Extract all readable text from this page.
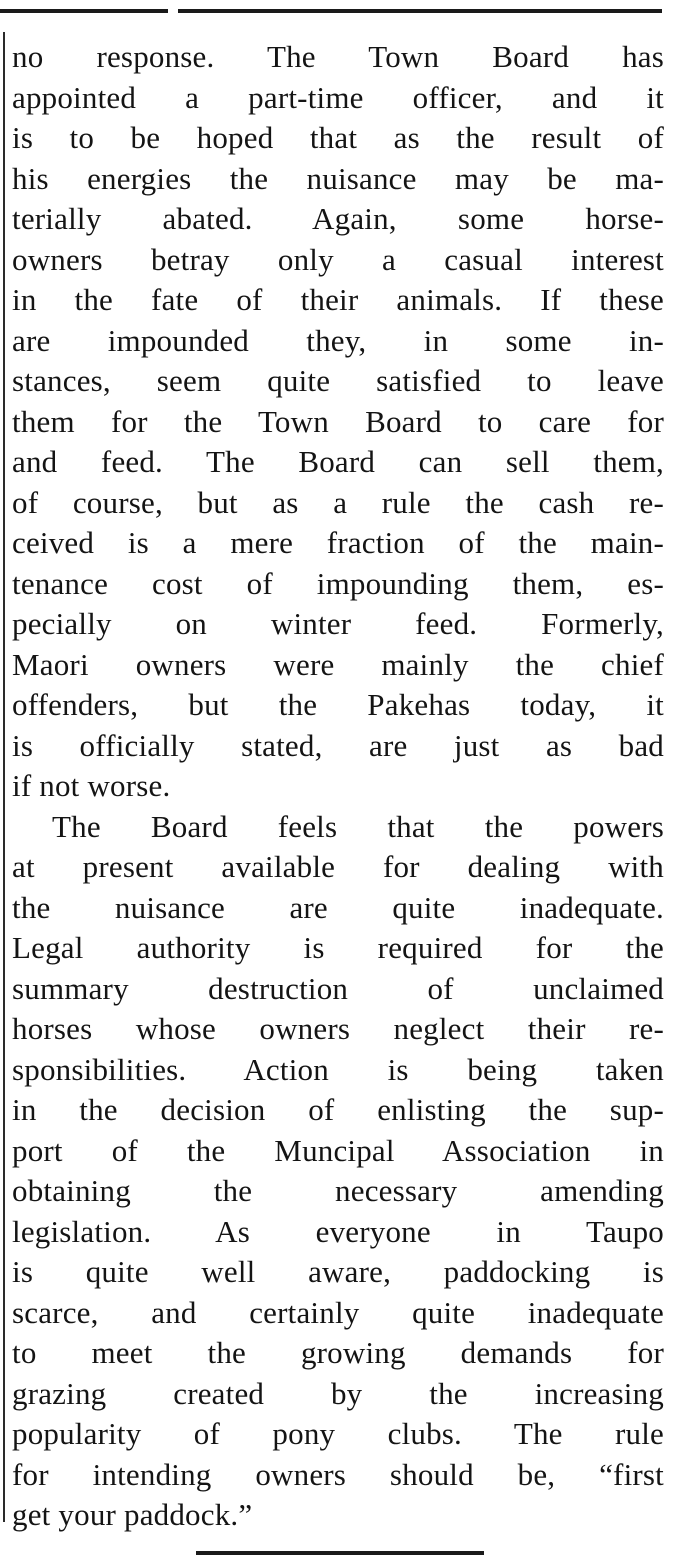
no response. The Town Board has
appointed a part-time officer, and it
is to be hoped that as the result of
his energies the nuisance may be ma-
terially abated. Again, some horse-
owners betray only a casual interest
in the fate of their animals. If these
are impounded they, in some in-
stances, seem quite satisfied to leave
them for the Town Board to care for
and feed. The Board can sell them,
of course, but as a rule the cash re-
ceived is a mere fraction of the main-
tenance cost of impounding them, es-
pecially on winter feed. Formerly,
Maori owners were mainly the chief
offenders, but the Pakehas today, it
is officially stated, are just as bad
if not worse.
The Board feels that the powers
at present available for dealing with
the nuisance are quite inadequate.
Legal authority is required for the
summary destruction of unclaimed
horses whose owners neglect their re-
sponsibilities. Action is being taken
in the decision of enlisting the sup-
port of the Muncipal Association in
obtaining the necessary amending
legislation. As everyone in Taupo
is quite well aware, paddocking is
scarce, and certainly quite inadequate
to meet the growing demands for
grazing created by the increasing
popularity of pony clubs. The rule
for intending owners should be, “first
get your paddock.”
